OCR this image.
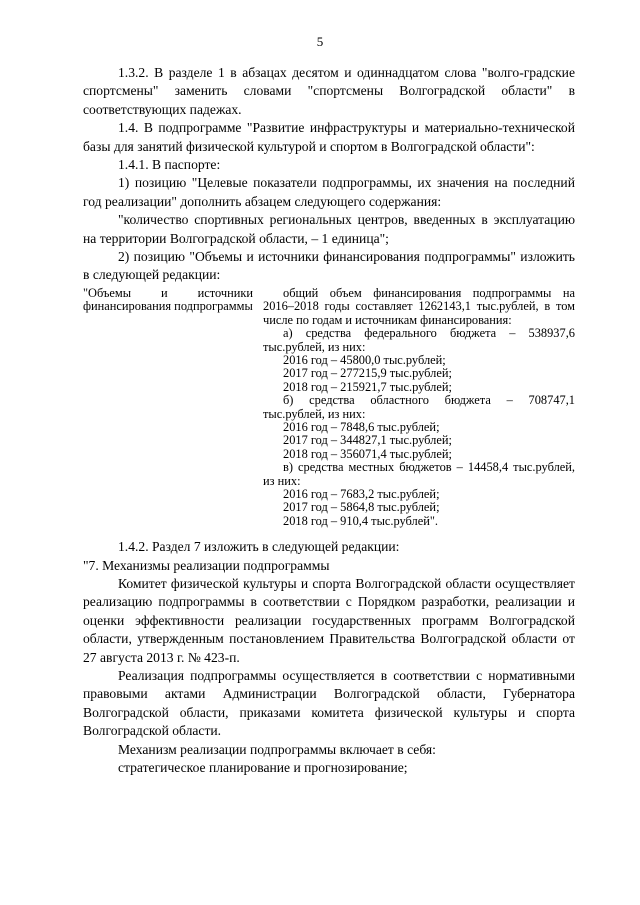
5

1.3.2. В разделе 1 в абзацах десятом и одиннадцатом слова "волго-градские спортсмены" заменить словами "спортсмены Волгоградской области" в соответствующих падежах.

1.4. В подпрограмме "Развитие инфраструктуры и материально-технической базы для занятий физической культурой и спортом в Волгоградской области":

1.4.1. В паспорте:

1) позицию "Целевые показатели подпрограммы, их значения на последний год реализации" дополнить абзацем следующего содержания:

"количество спортивных региональных центров, введенных в эксплуатацию на территории Волгоградской области, – 1 единица";

2) позицию "Объемы и источники финансирования подпрограммы" изложить в следующей редакции:

"Объемы и источники финансирования подпрограммы

общий объем финансирования подпрограммы на 2016–2018 годы составляет 1262143,1 тыс.рублей, в том числе по годам и источникам финансирования:

а) средства федерального бюджета – 538937,6 тыс.рублей, из них:

2016 год – 45800,0 тыс.рублей;
2017 год – 277215,9 тыс.рублей;
2018 год – 215921,7 тыс.рублей;

б) средства областного бюджета – 708747,1 тыс.рублей, из них:

2016 год – 7848,6 тыс.рублей;
2017 год – 344827,1 тыс.рублей;
2018 год – 356071,4 тыс.рублей;

в) средства местных бюджетов – 14458,4 тыс.рублей, из них:

2016 год – 7683,2 тыс.рублей;
2017 год – 5864,8 тыс.рублей;
2018 год – 910,4 тыс.рублей".

1.4.2. Раздел 7 изложить в следующей редакции:

"7. Механизмы реализации подпрограммы

Комитет физической культуры и спорта Волгоградской области осуществляет реализацию подпрограммы в соответствии с Порядком разработки, реализации и оценки эффективности реализации государственных программ Волгоградской области, утвержденным постановлением Правительства Волгоградской области от 27 августа 2013 г. № 423-п.

Реализация подпрограммы осуществляется в соответствии с нормативными правовыми актами Администрации Волгоградской области, Губернатора Волгоградской области, приказами комитета физической культуры и спорта Волгоградской области.

Механизм реализации подпрограммы включает в себя:

стратегическое планирование и прогнозирование;
